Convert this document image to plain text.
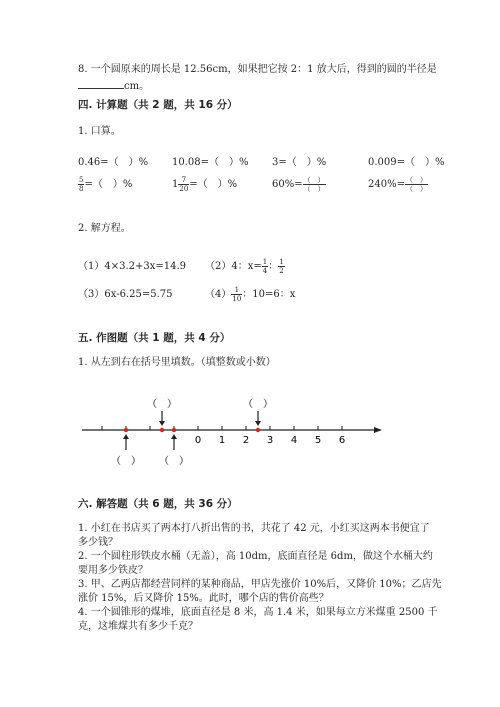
8. 一个圆原来的周长是 12.56cm，如果把它按 2：1 放大后，得到的圆的半径是
cm。
四. 计算题（共 2 题，共 16 分）
1. 口算。
0.46=（　）% 10.08=（　）% 3=（　）%	0.009=（　）%
$\frac{5}{8}$ =（　）%	$1 \frac{7}{20}$ =（　）%	$60\%= \frac{( )}{( )}$	$240\%= \frac{( )}{( )}$
2. 解方程。
（1）4×3.2+3x=14.9 （2）4：$x= \frac{1}{4}$ ： $\frac{1}{2}$
（3）6x-6.25=5.75	$(4) \frac{1}{10}$ ：10=6：x
五. 作图题（共 1 题，共 4 分）
1. 从左到右在括号里填数。（填整数或小数）
0 1 2 3 4 5 6
（　）	（　）
（　） （　）
六. 解答题（共 6 题，共 36 分）
1. 小红在书店买了两本打八折出售的书，共花了 42 元，小红买这两本书便宜了
多少钱？
2. 一个圆柱形铁皮水桶（无盖），高 10dm，底面直径是 6dm，做这个水桶大约
要用多少铁皮？
3. 甲、乙两店都经营同样的某种商品，甲店先涨价 10%后，又降价 10%；乙店先
涨价 15%，后又降价 15%。此时，哪个店的售价高些？
4. 一个圆锥形的煤堆，底面直径是 8 米，高 1.4 米，如果每立方米煤重 2500 千
克，这堆煤共有多少千克？
